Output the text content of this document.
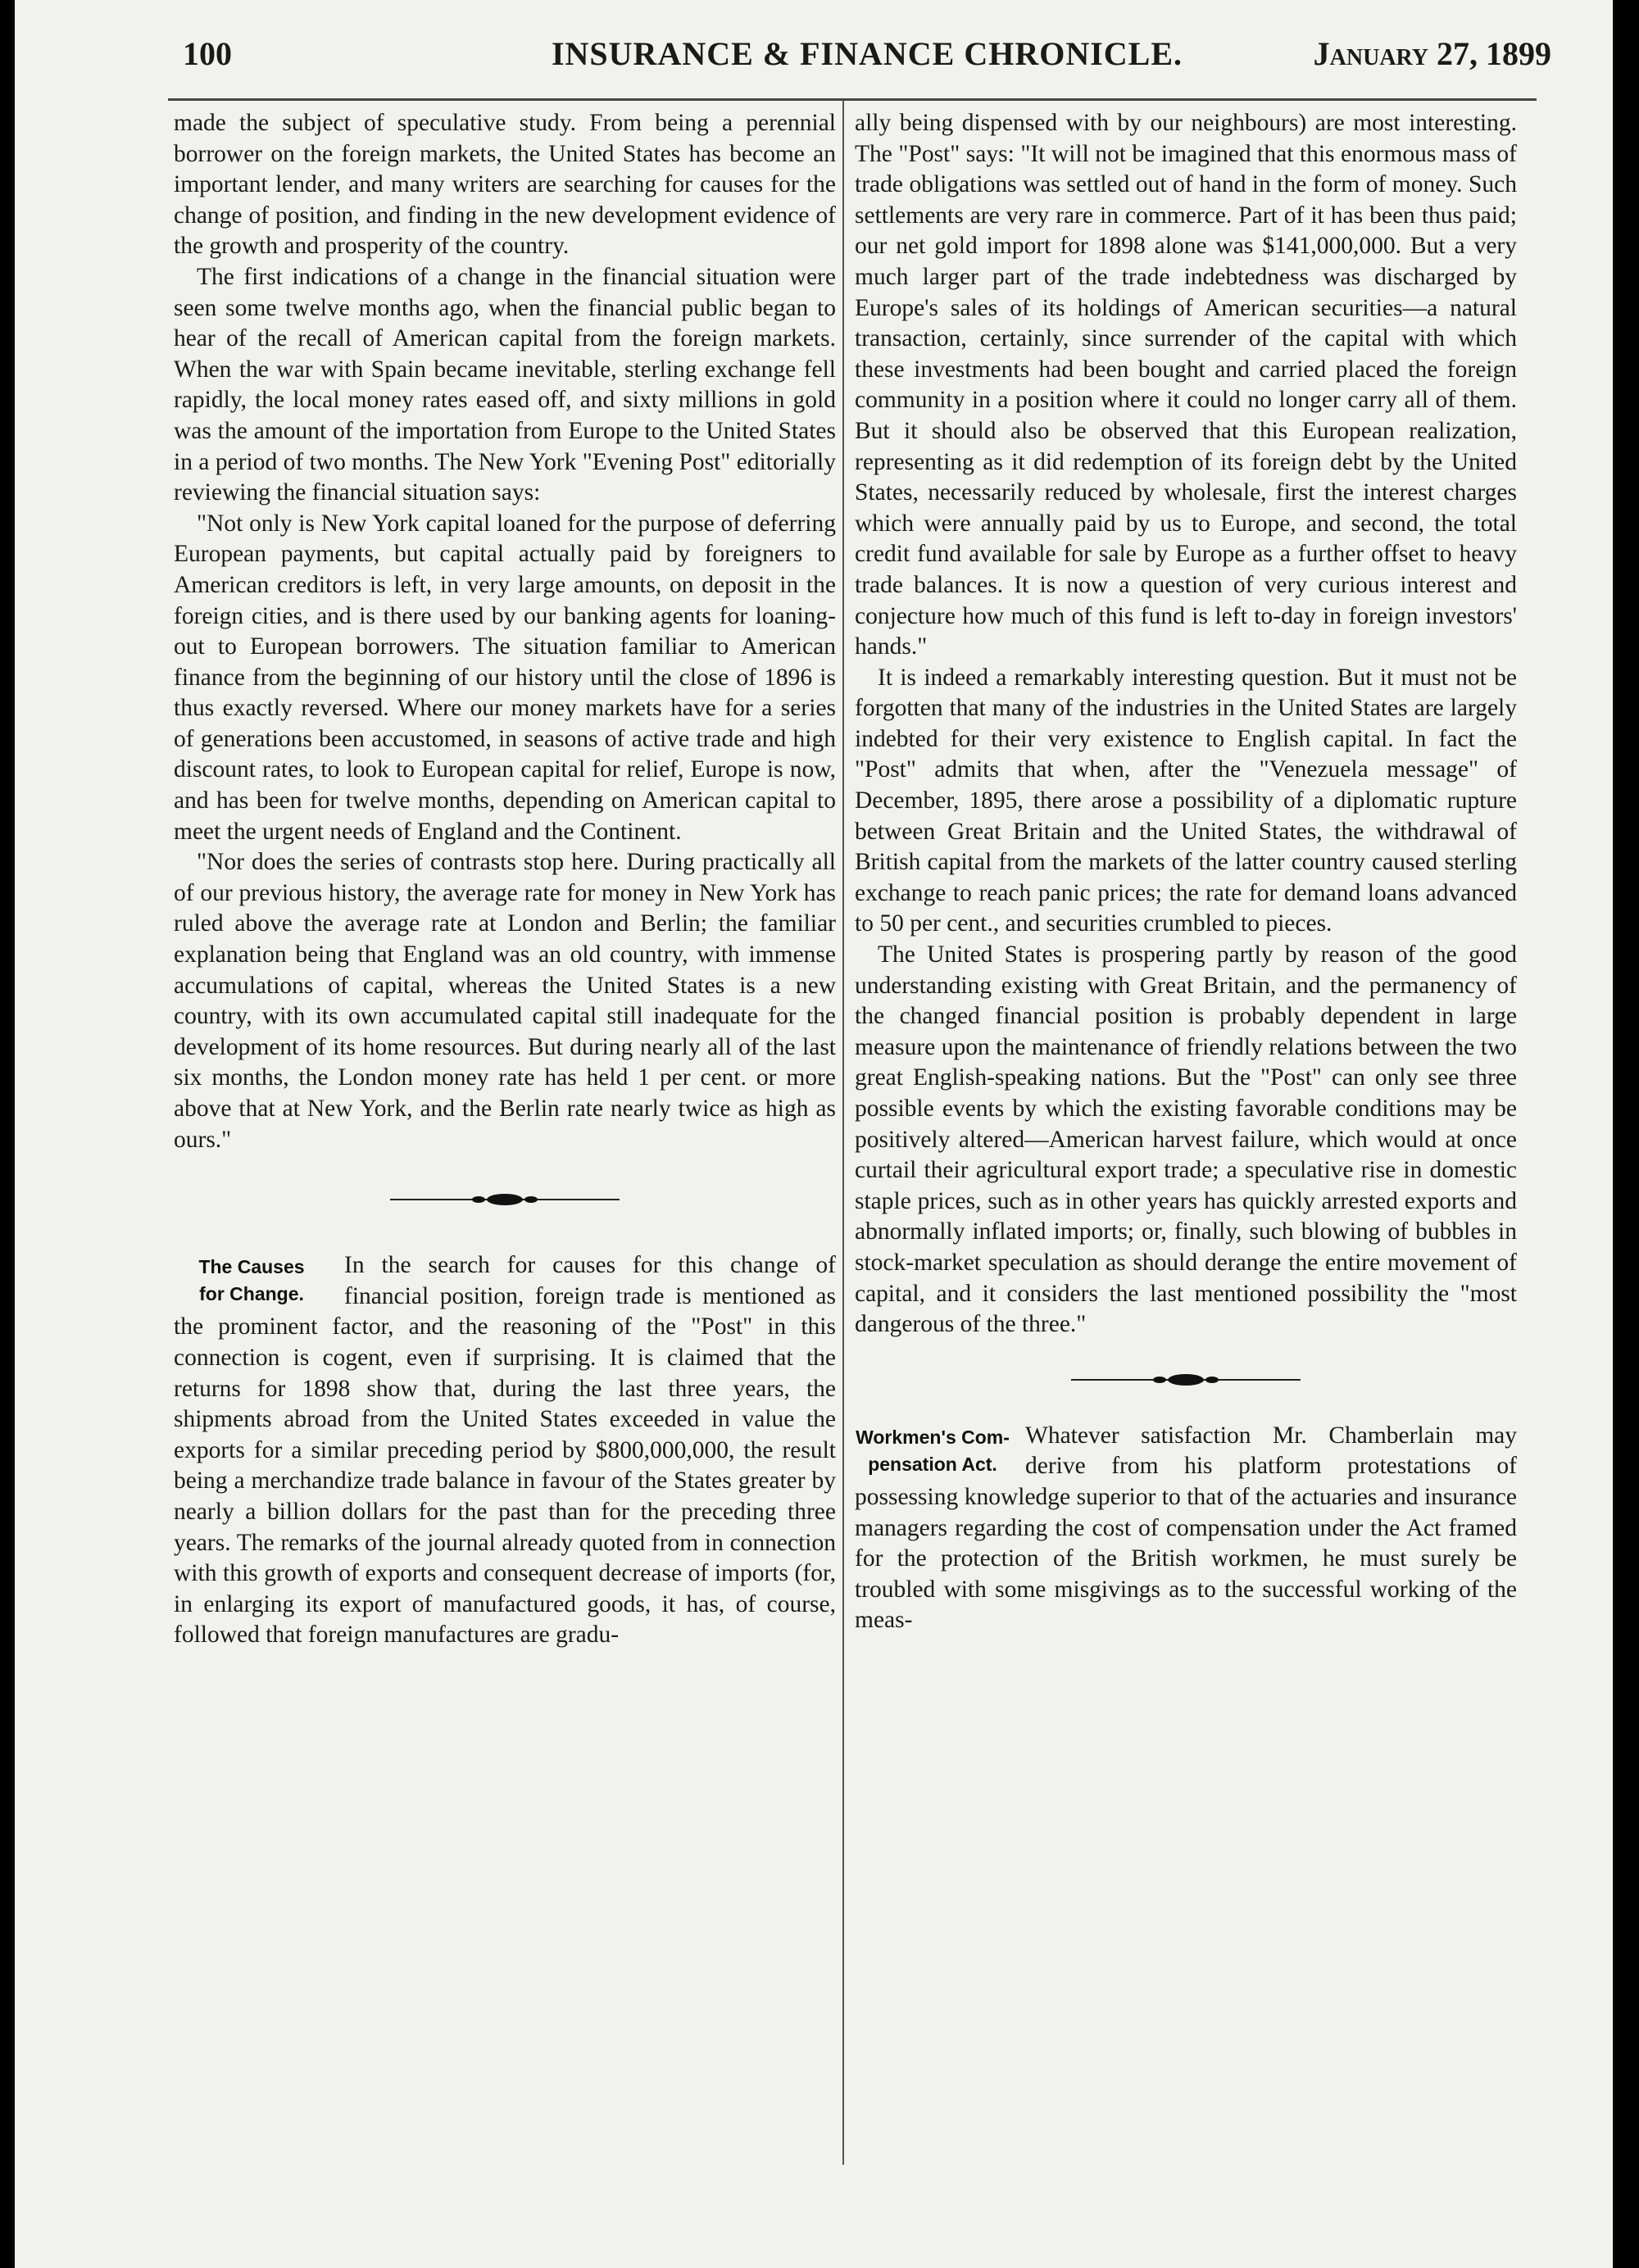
100	INSURANCE & FINANCE CHRONICLE.	January 27, 1899

made the subject of speculative study. From being a perennial borrower on the foreign markets, the United States has become an important lender, and many writers are searching for causes for the change of position, and finding in the new development evidence of the growth and prosperity of the country.

The first indications of a change in the financial situation were seen some twelve months ago, when the financial public began to hear of the recall of American capital from the foreign markets. When the war with Spain became inevitable, sterling exchange fell rapidly, the local money rates eased off, and sixty millions in gold was the amount of the importation from Europe to the United States in a period of two months. The New York "Evening Post" editorially reviewing the financial situation says:

"Not only is New York capital loaned for the purpose of deferring European payments, but capital actually paid by foreigners to American creditors is left, in very large amounts, on deposit in the foreign cities, and is there used by our banking agents for loaning-out to European borrowers. The situation familiar to American finance from the beginning of our history until the close of 1896 is thus exactly reversed. Where our money markets have for a series of generations been accustomed, in seasons of active trade and high discount rates, to look to European capital for relief, Europe is now, and has been for twelve months, depending on American capital to meet the urgent needs of England and the Continent.

"Nor does the series of contrasts stop here. During practically all of our previous history, the average rate for money in New York has ruled above the average rate at London and Berlin; the familiar explanation being that England was an old country, with immense accumulations of capital, whereas the United States is a new country, with its own accumulated capital still inadequate for the development of its home resources. But during nearly all of the last six months, the London money rate has held 1 per cent. or more above that at New York, and the Berlin rate nearly twice as high as ours."

The Causes
for Change.

In the search for causes for this change of financial position, foreign trade is mentioned as the prominent factor, and the reasoning of the "Post" in this connection is cogent, even if surprising. It is claimed that the returns for 1898 show that, during the last three years, the shipments abroad from the United States exceeded in value the exports for a similar preceding period by $800,000,000, the result being a merchandize trade balance in favour of the States greater by nearly a billion dollars for the past than for the preceding three years. The remarks of the journal already quoted from in connection with this growth of exports and consequent decrease of imports (for, in enlarging its export of manufactured goods, it has, of course, followed that foreign manufactures are gradu-

ally being dispensed with by our neighbours) are most interesting. The "Post" says: "It will not be imagined that this enormous mass of trade obligations was settled out of hand in the form of money. Such settlements are very rare in commerce. Part of it has been thus paid; our net gold import for 1898 alone was $141,000,000. But a very much larger part of the trade indebtedness was discharged by Europe's sales of its holdings of American securities—a natural transaction, certainly, since surrender of the capital with which these investments had been bought and carried placed the foreign community in a position where it could no longer carry all of them. But it should also be observed that this European realization, representing as it did redemption of its foreign debt by the United States, necessarily reduced by wholesale, first the interest charges which were annually paid by us to Europe, and second, the total credit fund available for sale by Europe as a further offset to heavy trade balances. It is now a question of very curious interest and conjecture how much of this fund is left to-day in foreign investors' hands."

It is indeed a remarkably interesting question. But it must not be forgotten that many of the industries in the United States are largely indebted for their very existence to English capital. In fact the "Post" admits that when, after the "Venezuela message" of December, 1895, there arose a possibility of a diplomatic rupture between Great Britain and the United States, the withdrawal of British capital from the markets of the latter country caused sterling exchange to reach panic prices; the rate for demand loans advanced to 50 per cent., and securities crumbled to pieces.

The United States is prospering partly by reason of the good understanding existing with Great Britain, and the permanency of the changed financial position is probably dependent in large measure upon the maintenance of friendly relations between the two great English-speaking nations. But the "Post" can only see three possible events by which the existing favorable conditions may be positively altered—American harvest failure, which would at once curtail their agricultural export trade; a speculative rise in domestic staple prices, such as in other years has quickly arrested exports and abnormally inflated imports; or, finally, such blowing of bubbles in stock-market speculation as should derange the entire movement of capital, and it considers the last mentioned possibility the "most dangerous of the three."

Workmen's Com-
pensation Act.

Whatever satisfaction Mr. Chamberlain may derive from his platform protestations of possessing knowledge superior to that of the actuaries and insurance managers regarding the cost of compensation under the Act framed for the protection of the British workmen, he must surely be troubled with some misgivings as to the successful working of the meas-
